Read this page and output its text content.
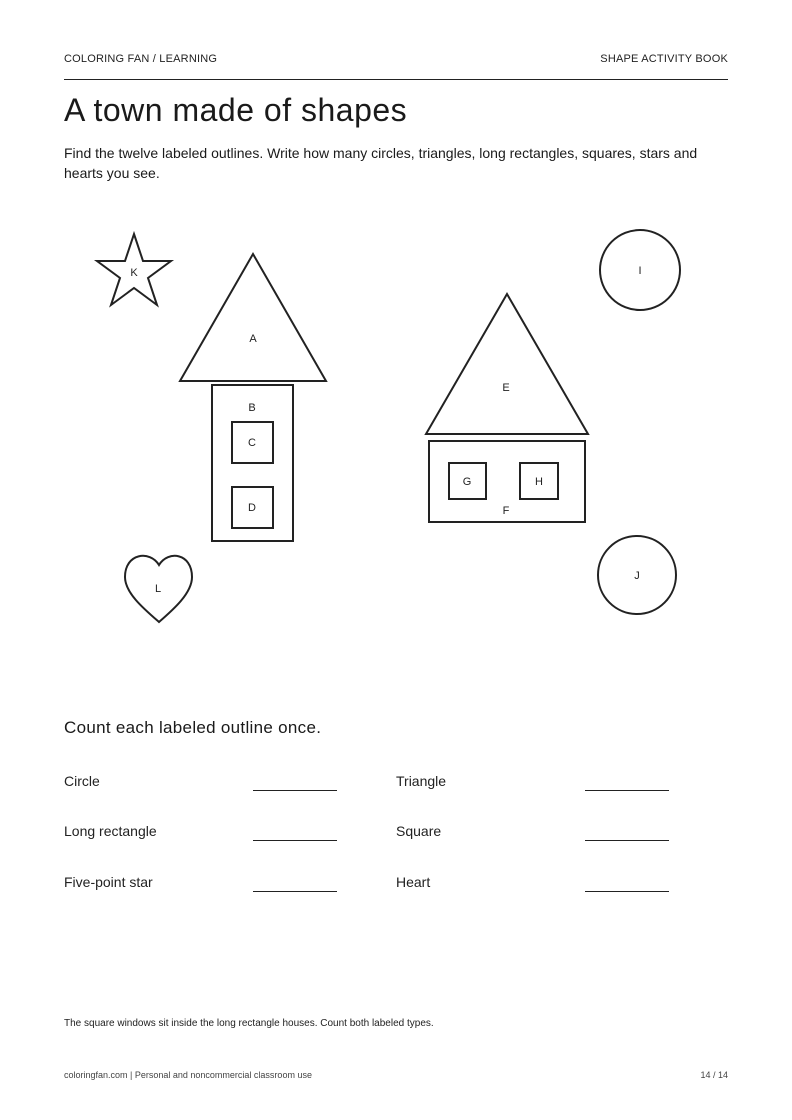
COLORING FAN / LEARNING	SHAPE ACTIVITY BOOK
A town made of shapes

Find the twelve labeled outlines. Write how many circles, triangles, long rectangles, squares, stars and hearts you see.

K	I
A
B
C
D
E
F
G	H
L
J
Count each labeled outline once.
Circle	Triangle
Long rectangle	Square
Five-point star	Heart
The square windows sit inside the long rectangle houses. Count both labeled types.
coloringfan.com | Personal and noncommercial classroom use	14 / 14
